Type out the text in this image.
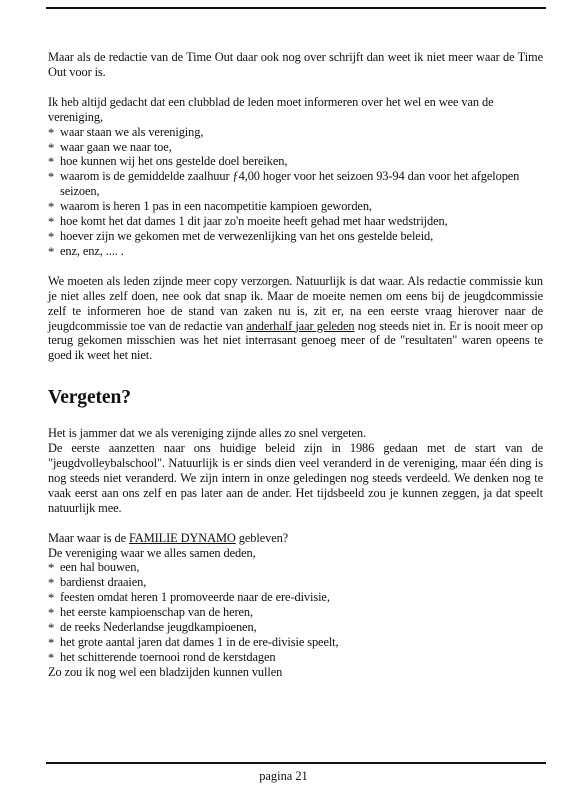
Maar als de redactie van de Time Out daar ook nog over schrijft dan weet ik niet meer waar de Time Out voor is.

Ik heb altijd gedacht dat een clubblad de leden moet informeren over het wel en wee van de vereniging,

* waar staan we als vereniging,
* waar gaan we naar toe,
* hoe kunnen wij het ons gestelde doel bereiken,
* waarom is de gemiddelde zaalhuur ƒ4,00 hoger voor het seizoen 93-94 dan voor het afgelopen seizoen,
* waarom is heren 1 pas in een nacompetitie kampioen geworden,
* hoe komt het dat dames 1 dit jaar zo'n moeite heeft gehad met haar wedstrijden,
* hoever zijn we gekomen met de verwezenlijking van het ons gestelde beleid,
* enz, enz, .... .

We moeten als leden zijnde meer copy verzorgen. Natuurlijk is dat waar. Als redactie commissie kun je niet alles zelf doen, nee ook dat snap ik. Maar de moeite nemen om eens bij de jeugdcommissie zelf te informeren hoe de stand van zaken nu is, zit er, na een eerste vraag hierover naar de jeugdcommissie toe van de redactie van anderhalf jaar geleden nog steeds niet in. Er is nooit meer op terug gekomen misschien was het niet interrasant genoeg meer of de "resultaten" waren opeens te goed ik weet het niet.

Vergeten?

Het is jammer dat we als vereniging zijnde alles zo snel vergeten.

De eerste aanzetten naar ons huidige beleid zijn in 1986 gedaan met de start van de "jeugdvolleybalschool". Natuurlijk is er sinds dien veel veranderd in de vereniging, maar één ding is nog steeds niet veranderd. We zijn intern in onze geledingen nog steeds verdeeld. We denken nog te vaak eerst aan ons zelf en pas later aan de ander. Het tijdsbeeld zou je kunnen zeggen, ja dat speelt natuurlijk mee.

Maar waar is de FAMILIE DYNAMO gebleven?

De vereniging waar we alles samen deden,

* een hal bouwen,
* bardienst draaien,
* feesten omdat heren 1 promoveerde naar de ere-divisie,
* het eerste kampioenschap van de heren,
* de reeks Nederlandse jeugdkampioenen,
* het grote aantal jaren dat dames 1 in de ere-divisie speelt,
* het schitterende toernooi rond de kerstdagen

Zo zou ik nog wel een bladzijden kunnen vullen

pagina 21
